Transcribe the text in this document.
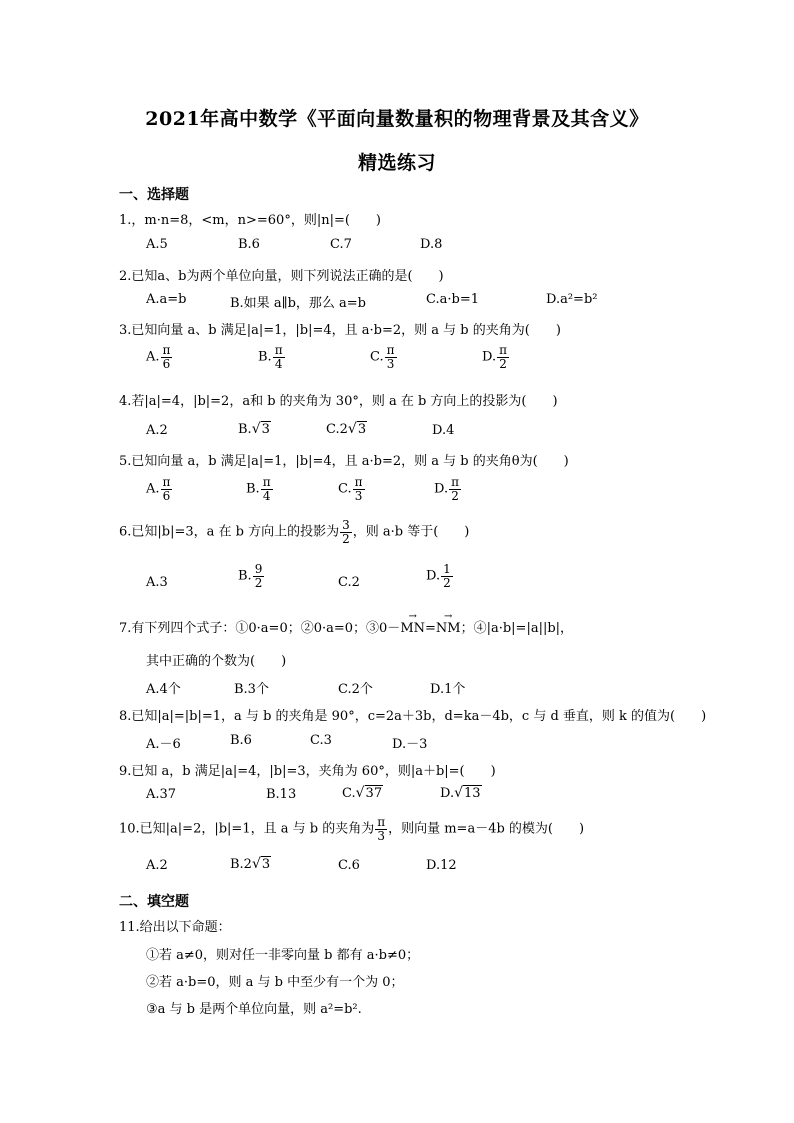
2021年高中数学《平面向量数量积的物理背景及其含义》
精选练习
一、选择题
1.，m·n=8，<m，n>=60°，则|n|=(　　)
A.5	B.6	C.7	D.8
2.已知a、b为两个单位向量，则下列说法正确的是(　　)
A.a=b	B.如果 a∥b，那么 a=b	C.a·b=1	D.a²=b²
3.已知向量 a、b 满足|a|=1，|b|=4，且 a·b=2，则 a 与 b 的夹角为(　　)
A. $\frac{\pi}{6}$	B. $\frac{\pi}{4}$	C. $\frac{\pi}{3}$	D. $\frac{\pi}{2}$
4.若|a|=4，|b|=2，a和 b 的夹角为 30°，则 a 在 b 方向上的投影为(　　)
A.2	B.√3	C.2√3	D.4
5.已知向量 a，b 满足|a|=1，|b|=4，且 a·b=2，则 a 与 b 的夹角θ为(　　)
A. $\frac{\pi}{6}$	B. $\frac{\pi}{4}$	C. $\frac{\pi}{3}$	D. $\frac{\pi}{2}$
6.已知|b|=3，a 在 b 方向上的投影为 $\frac{3}{2}$ ，则 a·b 等于(　　)
A.3	B. $\frac{9}{2}$	C.2	D. $\frac{1}{2}$
7.有下列四个式子：①0·a=0；②0·a=0；③0－→ MN=→ NM；④|a·b|=|a||b|，
其中正确的个数为(　　)
A.4个	B.3个	C.2个	D.1个
8.已知|a|=|b|=1，a 与 b 的夹角是 90°，c=2a＋3b，d=ka－4b，c 与 d 垂直，则 k 的值为(　　)
A.－6	B.6	C.3	D.－3
9.已知 a，b 满足|a|=4，|b|=3，夹角为 60°，则|a＋b|=(　　)
A.37	B.13	C.√37	D.√13
10.已知|a|=2，|b|=1，且 a 与 b 的夹角为 $\frac{\pi}{3}$ ，则向量 m=a－4b 的模为(　　)
A.2	B.2√3	C.6	D.12
二、填空题
11.给出以下命题：
①若 a≠0，则对任一非零向量 b 都有 a·b≠0；
②若 a·b=0，则 a 与 b 中至少有一个为 0；
③a 与 b 是两个单位向量，则 a²=b².
